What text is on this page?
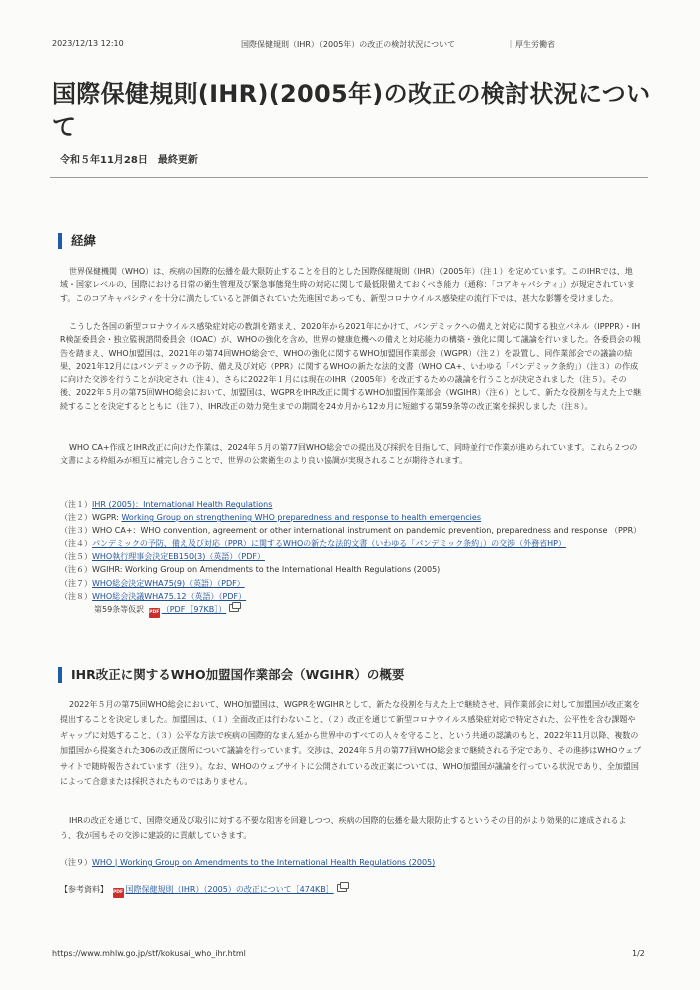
2023/12/13 12:10	国際保健規則（IHR）（2005年）の改正の検討状況について	｜厚生労働省
国際保健規則(IHR)(2005年)の改正の検討状況について
令和５年11月28日　最終更新
経緯

世界保健機関（WHO）は、疾病の国際的伝播を最大限防止することを目的とした国際保健規則（IHR）（2005年）（注１）を定めています。このIHRでは、地域・国家レベルの、国際における日常の衛生管理及び緊急事態発生時の対応に関して最低限備えておくべき能力（通称：「コアキャパシティ」）が規定されています。このコアキャパシティを十分に満たしていると評価されていた先進国であっても、新型コロナウイルス感染症の流行下では、甚大な影響を受けました。

こうした各国の新型コロナウイルス感染症対応の教訓を踏まえ、2020年から2021年にかけて、パンデミックへの備えと対応に関する独立パネル（IPPPR）・IHR検証委員会・独立監視諮問委員会（IOAC）が、WHOの強化を含め、世界の健康危機への備えと対応能力の構築・強化に関して議論を行いました。各委員会の報告を踏まえ、WHO加盟国は、2021年の第74回WHO総会で、WHOの強化に関するWHO加盟国作業部会（WGPR）（注２）を設置し、同作業部会での議論の結果、2021年12月にはパンデミックの予防、備え及び対応（PPR）に関するWHOの新たな法的文書（WHO CA+、いわゆる「パンデミック条約」）（注３）の作成に向けた交渉を行うことが決定され（注４）、さらに2022年１月には現在のIHR（2005年）を改正するための議論を行うことが決定されました（注５）。その後、2022年５月の第75回WHO総会において、加盟国は、WGPRをIHR改正に関するWHO加盟国作業部会（WGIHR）（注６）として、新たな役割を与えた上で継続することを決定するとともに（注７）、IHR改正の効力発生までの期間を24カ月から12カ月に短縮する第59条等の改正案を採択しました（注８）。

WHO CA+作成とIHR改正に向けた作業は、2024年５月の第77回WHO総会での提出及び採択を目指して、同時並行で作業が進められています。これら２つの文書による枠組みが相互に補完し合うことで、世界の公衆衛生のより良い協調が実現されることが期待されます。

（注１）IHR (2005)：International Health Regulations
（注２）WGPR: Working Group on strengthening WHO preparedness and response to health emergencies
（注３）WHO CA+：WHO convention, agreement or other international instrument on pandemic prevention, preparedness and response （PPR）
（注４）パンデミックの予防、備え及び対応（PPR）に関するWHOの新たな法的文書（いわゆる「パンデミック条約」）の交渉（外務省HP）
（注５）WHO執行理事会決定EB150(3)（英語）（PDF）
（注６）WGIHR: Working Group on Amendments to the International Health Regulations (2005)
（注７）WHO総会決定WHA75(9)（英語）（PDF）
（注８）WHO総会決議WHA75.12（英語）（PDF）
第59条等仮訳 PDF （PDF［97KB］）
IHR改正に関するWHO加盟国作業部会（WGIHR）の概要

2022年５月の第75回WHO総会において、WHO加盟国は、WGPRをWGIHRとして、新たな役割を与えた上で継続させ、同作業部会に対して加盟国が改正案を提出することを決定しました。加盟国は、（１）全面改正は行わないこと、（２）改正を通じて新型コロナウイルス感染症対応で特定された、公平性を含む課題やギャップに対処すること、（３）公平な方法で疾病の国際的なまん延から世界中のすべての人々を守ること、という共通の認識のもと、2022年11月以降、複数の加盟国から提案された306の改正箇所について議論を行っています。交渉は、2024年５月の第77回WHO総会まで継続される予定であり、その進捗はWHOウェブサイトで随時報告されています（注９）。なお、WHOのウェブサイトに公開されている改正案については、WHO加盟国が議論を行っている状況であり、全加盟国によって合意または採択されたものではありません。

IHRの改正を通じて、国際交通及び取引に対する不要な阻害を回避しつつ、疾病の国際的伝播を最大限防止するというその目的がより効果的に達成されるよう、我が国もその交渉に建設的に貢献していきます。

（注９）WHO | Working Group on Amendments to the International Health Regulations (2005)
【参考資料】 PDF 国際保健規則（IHR）（2005）の改正について［474KB］
https://www.mhlw.go.jp/stf/kokusai_who_ihr.html	1/2
